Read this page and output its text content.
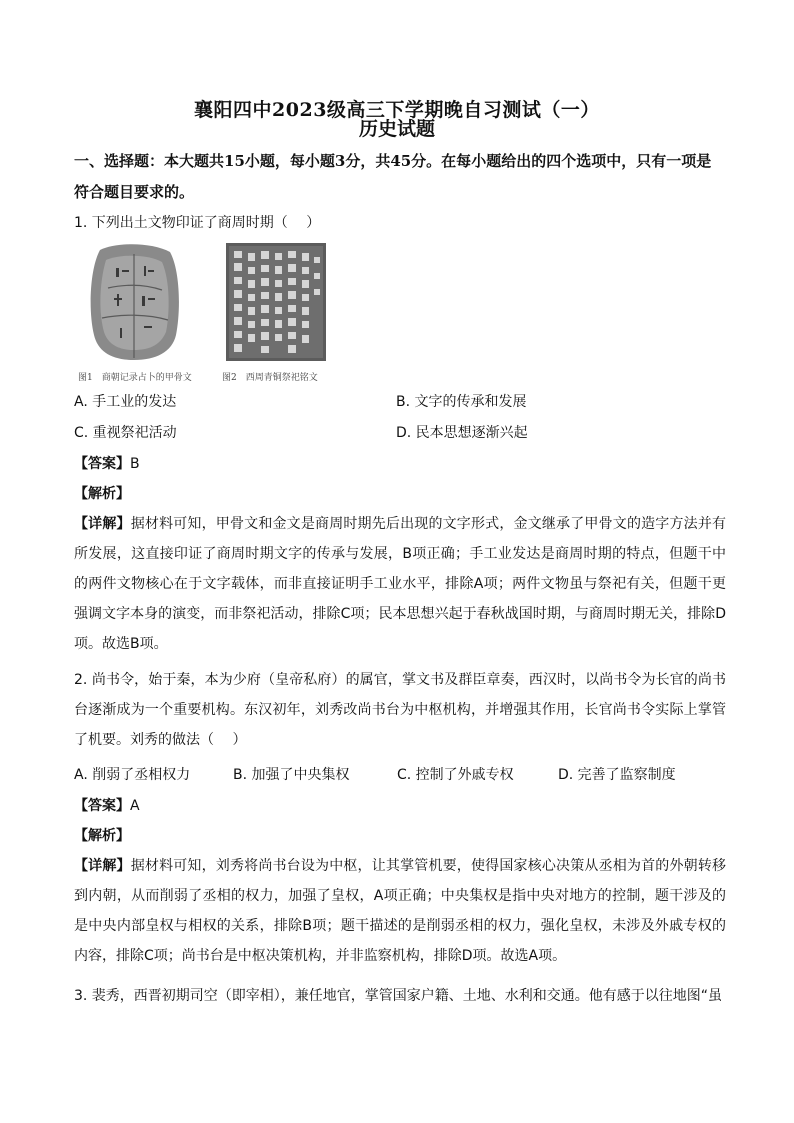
襄阳四中2023级高三下学期晚自习测试（一）
历史试题
一、选择题：本大题共15小题，每小题3分，共45分。在每小题给出的四个选项中，只有一项是符合题目要求的。
1. 下列出土文物印证了商周时期（　 ）
图1　商朝记录占卜的甲骨文	图2　西周青铜祭祀铭文
A. 手工业的发达	B. 文字的传承和发展
C. 重视祭祀活动	D. 民本思想逐渐兴起
【答案】B
【解析】
【详解】据材料可知，甲骨文和金文是商周时期先后出现的文字形式，金文继承了甲骨文的造字方法并有所发展，这直接印证了商周时期文字的传承与发展，B项正确；手工业发达是商周时期的特点，但题干中的两件文物核心在于文字载体，而非直接证明手工业水平，排除A项；两件文物虽与祭祀有关，但题干更强调文字本身的演变，而非祭祀活动，排除C项；民本思想兴起于春秋战国时期，与商周时期无关，排除D项。故选B项。
2. 尚书令，始于秦，本为少府（皇帝私府）的属官，掌文书及群臣章奏，西汉时，以尚书令为长官的尚书台逐渐成为一个重要机构。东汉初年，刘秀改尚书台为中枢机构，并增强其作用，长官尚书令实际上掌管了机要。刘秀的做法（　 ）
A. 削弱了丞相权力	B. 加强了中央集权	C. 控制了外戚专权	D. 完善了监察制度
【答案】A
【解析】
【详解】据材料可知，刘秀将尚书台设为中枢，让其掌管机要，使得国家核心决策从丞相为首的外朝转移到内朝，从而削弱了丞相的权力，加强了皇权，A项正确；中央集权是指中央对地方的控制，题干涉及的是中央内部皇权与相权的关系，排除B项；题干描述的是削弱丞相的权力，强化皇权，未涉及外戚专权的内容，排除C项；尚书台是中枢决策机构，并非监察机构，排除D项。故选A项。
3. 裴秀，西晋初期司空（即宰相），兼任地官，掌管国家户籍、土地、水利和交通。他有感于以往地图“虽
